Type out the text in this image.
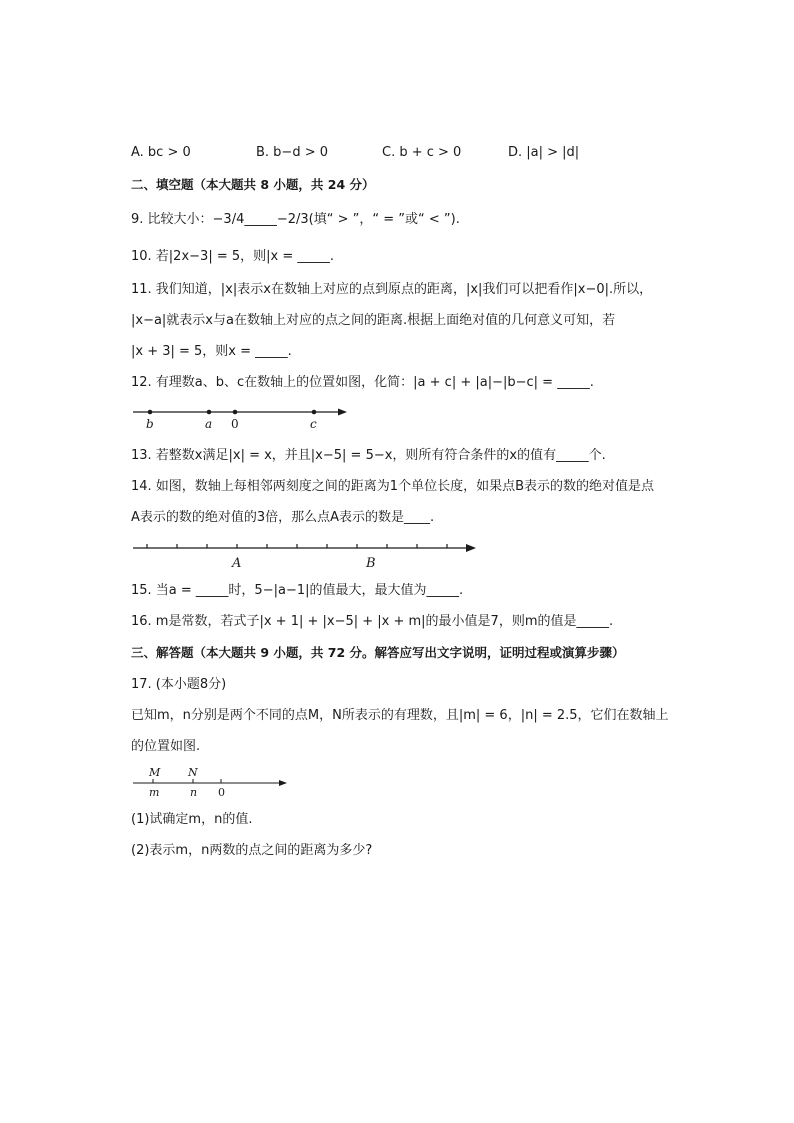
A. bc > 0	B. b−d > 0	C. b + c > 0	D. |a| > |d|
二、填空题（本大题共 8 小题，共 24 分）
9. 比较大小：−3/4_____−2/3(填“ > ”，“ = ”或“ < ”).
10. 若|2x−3| = 5，则|x = _____.
11. 我们知道，|x|表示x在数轴上对应的点到原点的距离，|x|我们可以把看作|x−0|.所以，
|x−a|就表示x与a在数轴上对应的点之间的距离.根据上面绝对值的几何意义可知，若
|x + 3| = 5，则x = _____.
12. 有理数a、b、c在数轴上的位置如图，化简：|a + c| + |a|−|b−c| = _____.
b	a 0	c
13. 若整数x满足|x| = x，并且|x−5| = 5−x，则所有符合条件的x的值有_____个.
14. 如图，数轴上每相邻两刻度之间的距离为1个单位长度，如果点B表示的数的绝对值是点
A表示的数的绝对值的3倍，那么点A表示的数是____.
A	B
15. 当a = _____时，5−|a−1|的值最大，最大值为_____.
16. m是常数，若式子|x + 1| + |x−5| + |x + m|的最小值是7，则m的值是_____.
三、解答题（本大题共 9 小题，共 72 分。解答应写出文字说明，证明过程或演算步骤）
17. (本小题8分)
已知m，n分别是两个不同的点M，N所表示的有理数，且|m| = 6，|n| = 2.5，它们在数轴上
的位置如图.
M	N
m	n 0
(1)试确定m，n的值.
(2)表示m，n两数的点之间的距离为多少?
